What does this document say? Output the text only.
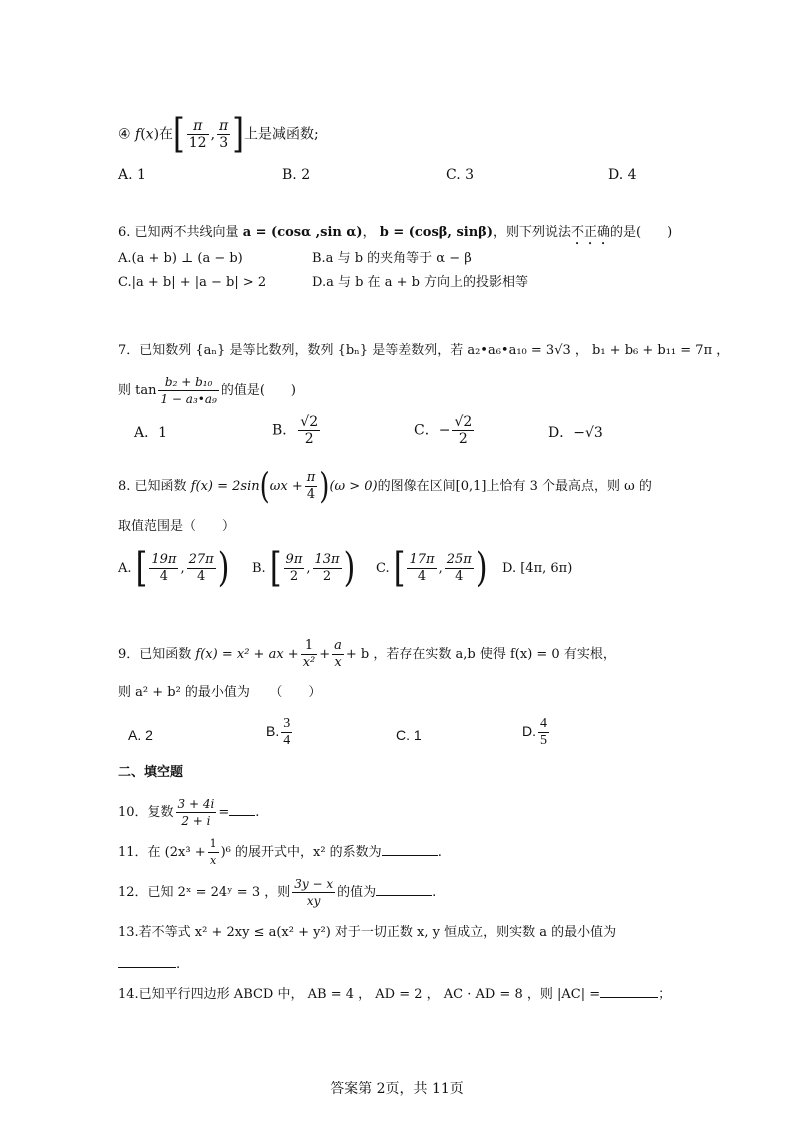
④ f(x)在[ $\frac{\pi}{12}$ , $\frac{\pi}{3}$ ]上是减函数;
A. 1	B. 2	C. 3	D. 4
6. 已知两不共线向量 a = (cosα ,sin α)， b = (cosβ, sinβ)，则下列说法不正确的是(　　)
A.(a + b) ⊥ (a − b)	B.a 与 b 的夹角等于 α − β
C.|a + b| + |a − b| > 2	D.a 与 b 在 a + b 方向上的投影相等
7．已知数列 {aₙ} 是等比数列，数列 {bₙ} 是等差数列，若 a₂•a₆•a₁₀ = 3√3 ， b₁ + b₆ + b₁₁ = 7π ，
则 $\tan \frac{\text{b₂ + b₁₀}}{\text{1 − a₃•a₉}}$ 的值是(　　)
A．1	B． $\frac{√2}{2}$	C．− $\frac{√2}{2}$	D．−√3
8. 已知函数 $f(x) = 2\sin(\omega x + \frac{\pi}{4} )(\omega > 0)$的图像在区间[0,1]上恰有 3 个最高点，则 ω 的
取值范围是（　　）
A. [ $\frac{19\pi}{4}$ , $\frac{27\pi}{4}$ ) B. [ $\frac{9\pi}{2}$ , $\frac{13\pi}{2}$ ) C. [ $\frac{17\pi}{4}$ , $\frac{25\pi}{4}$ ) D. [4π, 6π)
9．已知函数 f(x) = x² + ax + $\frac{1}{\text{x²}} + \frac{a}{x} + b$ ，若存在实数 a,b 使得 f(x) = 0 有实根，
则 a² + b² 的最小值为　　（　　）
A. 2	B. $\frac{3}{4}$	C. 1	D. $\frac{4}{5}$
二、填空题
10．复数 $\frac{3 + 4i}{2 + i}$ = .
11．在 $(2x^3 + \frac{1}{x} )^6$ 的展开式中，x² 的系数为	.
12．已知 2ˣ = 24ʸ = 3 ，则 $\frac{3y - x}{xy}$ 的值为	.
13.若不等式 x² + 2xy ≤ a(x² + y²) 对于一切正数 x, y 恒成立，则实数 a 的最小值为
.
14.已知平行四边形 ABCD 中， AB = 4 ， AD = 2 ， AC · AD = 8 ，则 |AC| =	；
答案第 2页，共 11页
